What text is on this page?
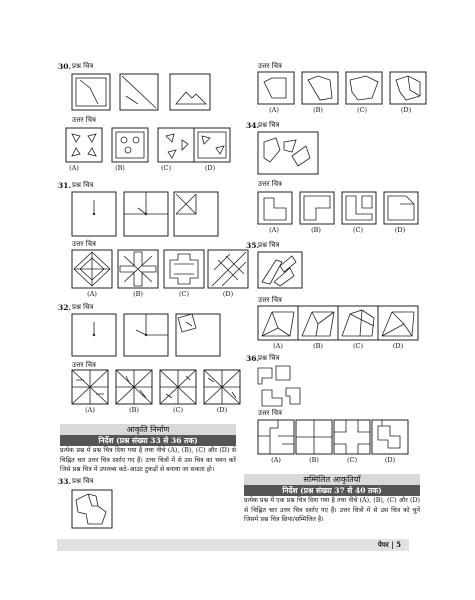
30. प्रश्न चित्र
उत्तर चित्र
(A)	(B)	(C)	(D)
31. प्रश्न चित्र
उत्तर चित्र
(A)	(B)	(C)	(D)
32. प्रश्न चित्र
उत्तर चित्र
(A)	(B)	(C)	(D)
आकृति निर्माण
निर्देश (प्रश्न संख्या 33 से 36 तक)
प्रत्येक प्रश्न में प्रश्न चित्र दिया गया है तथा नीचे (A), (B), (C) और (D) से चिह्नित चार उत्तर चित्र दर्शाए गए हैं। उत्तर चित्रों में से उस चित्र का चयन करें जिसे प्रश्न चित्र में उपलब्ध कटे–आउट टुकड़ों से बनाया जा सकता हो।
33. प्रश्न चित्र
उत्तर चित्र
(A)	(B)	(C)	(D)
34.
प्रश्न चित्र
उत्तर चित्र
(A)	(B)	(C)	(D)
35.
प्रश्न चित्र
उत्तर चित्र
(A)	(B)	(C)	(D)
36.
प्रश्न चित्र
उत्तर चित्र
(A)	(B)	(C)	(D)
सम्मिलित आकृतियाँ
निर्देश (प्रश्न संख्या 37 से 40 तक)
प्रत्येक प्रश्न में एक प्रश्न चित्र दिया गया है तथा नीचे (A), (B), (C) और (D) से चिह्नित चार उत्तर चित्र दर्शाए गए हैं। उत्तर चित्रों में से उस चित्र को चुनें जिसमें प्रश्न चित्र छिपा/सम्मिलित है।
पेपर | 5
